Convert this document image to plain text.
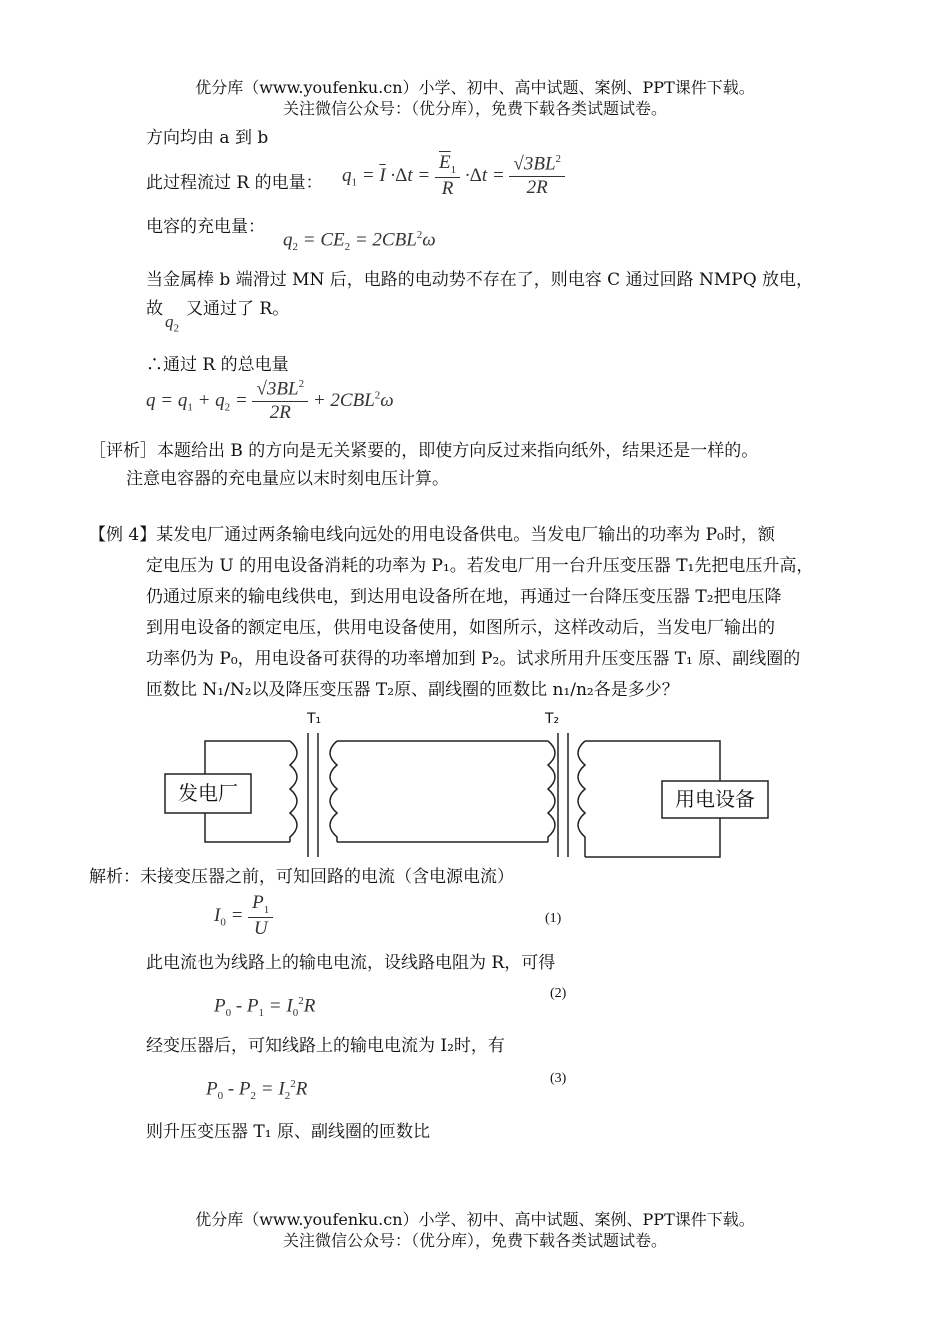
优分库（www.youfenku.cn）小学、初中、高中试题、案例、PPT课件下载。
关注微信公众号：（优分库），免费下载各类试题试卷。
方向均由 a 到 b
此过程流过 R 的电量： $q_1 = \overline{I} \cdot\Delta t = \frac{\overline{E}_1}{R} \cdot\Delta t = \frac{√3BL^2}{2R}$
电容的充电量：
$q_2 = CE_2 = 2CBL^2\omega$
当金属棒 b 端滑过 MN 后，电路的电动势不存在了，则电容 C 通过回路 NMPQ 放电，
故
$q_2$
又通过了 R。
∴通过 R 的总电量
$q = q_1 + q_2 = \frac{√3BL^2}{2R} + 2CBL^2\omega$
［评析］本题给出 B 的方向是无关紧要的，即使方向反过来指向纸外，结果还是一样的。
注意电容器的充电量应以末时刻电压计算。
【例 4】某发电厂通过两条输电线向远处的用电设备供电。当发电厂输出的功率为 P₀时，额
定电压为 U 的用电设备消耗的功率为 P₁。若发电厂用一台升压变压器 T₁先把电压升高，
仍通过原来的输电线供电，到达用电设备所在地，再通过一台降压变压器 T₂把电压降
到用电设备的额定电压，供用电设备使用，如图所示，这样改动后，当发电厂输出的
功率仍为 P₀，用电设备可获得的功率增加到 P₂。试求所用升压变压器 T₁ 原、副线圈的
匝数比 N₁/N₂以及降压变压器 T₂原、副线圈的匝数比 n₁/n₂各是多少？
发电厂
T₁	T₂
用电设备
解析：未接变压器之前，可知回路的电流（含电源电流）
$I_0 = \frac{P_1}{U}$	(1)
此电流也为线路上的输电电流，设线路电阻为 R，可得
$P_0 - P_1 = I_0^2R$
(2)
经变压器后，可知线路上的输电电流为 I₂时，有
$P_0 - P_2 = I_2^2R$	(3)
则升压变压器 T₁ 原、副线圈的匝数比
优分库（www.youfenku.cn）小学、初中、高中试题、案例、PPT课件下载。
关注微信公众号：（优分库），免费下载各类试题试卷。
